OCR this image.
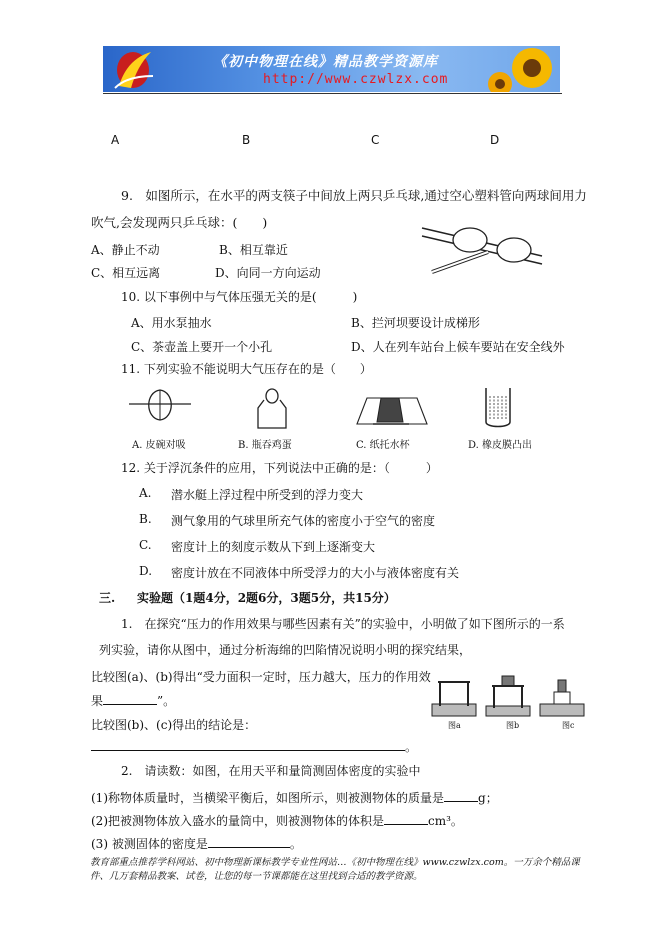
《初中物理在线》精品教学资源库
http://www.czwlzx.com
A	B	C	D
9.　如图所示，在水平的两支筷子中间放上两只乒乓球,通过空心塑料管向两球间用力
吹气,会发现两只乒乓球：(　　)
A、静止不动	B、相互靠近
C、相互远离	D、向同一方向运动
10. 以下事例中与气体压强无关的是(　　　)
A、用水泵抽水	B、拦河坝要设计成梯形
C、茶壶盖上要开一个小孔	D、人在列车站台上候车要站在安全线外
11. 下列实验不能说明大气压存在的是（　　）
A. 皮碗对吸	B. 瓶吞鸡蛋	C. 纸托水杯	D. 橡皮膜凸出
12. 关于浮沉条件的应用，下列说法中正确的是：（　　　）
A. 潜水艇上浮过程中所受到的浮力变大
B. 测气象用的气球里所充气体的密度小于空气的密度
C. 密度计上的刻度示数从下到上逐渐变大
D. 密度计放在不同液体中所受浮力的大小与液体密度有关
三. 实验题（1题4分，2题6分，3题5分，共15分）
1.　在探究“压力的作用效果与哪些因素有关”的实验中，小明做了如下图所示的一系
列实验，请你从图中，通过分析海绵的凹陷情况说明小明的探究结果，
比较图(a)、(b)得出“受力面积一定时，压力越大，压力的作用效
果	”。
比较图(b)、(c)得出的结论是：
。
图a	图b	图c
2.　请读数：如图，在用天平和量筒测固体密度的实验中
(1)称物体质量时，当横梁平衡后，如图所示，则被测物体的质量是	g；
(2)把被测物体放入盛水的量筒中，则被测物体的体积是	cm³。
(3) 被测固体的密度是	。
教育部重点推荐学科网站、初中物理新课标教学专业性网站…《初中物理在线》www.czwlzx.com。一万余个精品课件、几万套精品教案、试卷，让您的每一节课都能在这里找到合适的教学资源。
